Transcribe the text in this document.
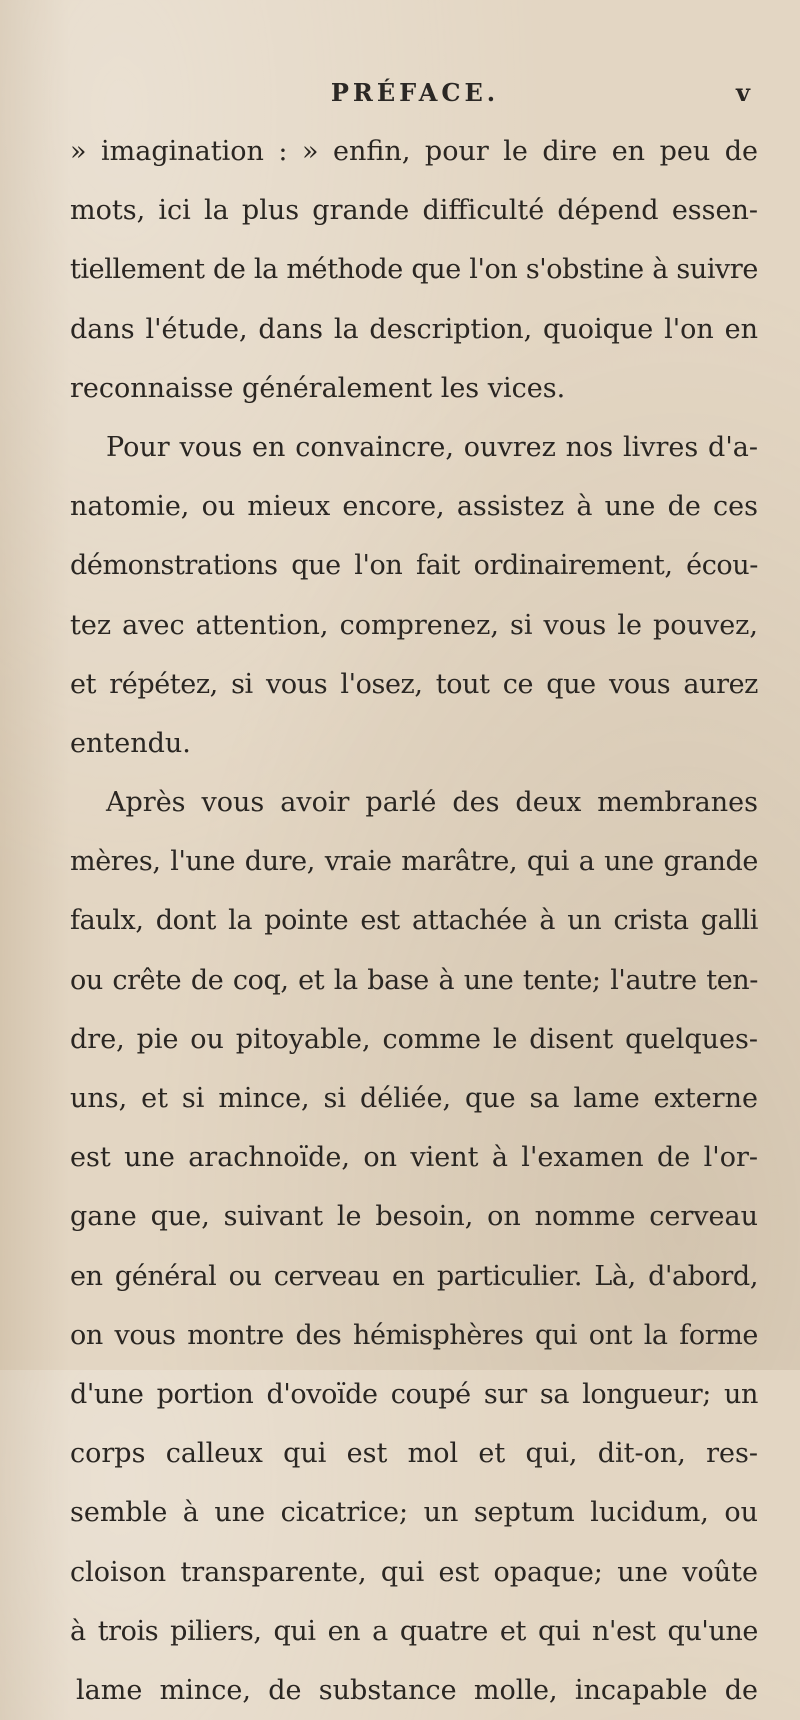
PRÉFACE.	v
» imagination : » enfin, pour le dire en peu de
mots, ici la plus grande difficulté dépend essen-
tiellement de la méthode que l'on s'obstine à suivre
dans l'étude, dans la description, quoique l'on en
reconnaisse généralement les vices.
Pour vous en convaincre, ouvrez nos livres d'a-
natomie, ou mieux encore, assistez à une de ces
démonstrations que l'on fait ordinairement, écou-
tez avec attention, comprenez, si vous le pouvez,
et répétez, si vous l'osez, tout ce que vous aurez
entendu.
Après vous avoir parlé des deux membranes
mères, l'une dure, vraie marâtre, qui a une grande
faulx, dont la pointe est attachée à un crista galli
ou crête de coq, et la base à une tente; l'autre ten-
dre, pie ou pitoyable, comme le disent quelques-
uns, et si mince, si déliée, que sa lame externe
est une arachnoïde, on vient à l'examen de l'or-
gane que, suivant le besoin, on nomme cerveau
en général ou cerveau en particulier. Là, d'abord,
on vous montre des hémisphères qui ont la forme
d'une portion d'ovoïde coupé sur sa longueur; un
corps calleux qui est mol et qui, dit-on, res-
semble à une cicatrice; un septum lucidum, ou
cloison transparente, qui est opaque; une voûte
à trois piliers, qui en a quatre et qui n'est qu'une
lame mince, de substance molle, incapable de
